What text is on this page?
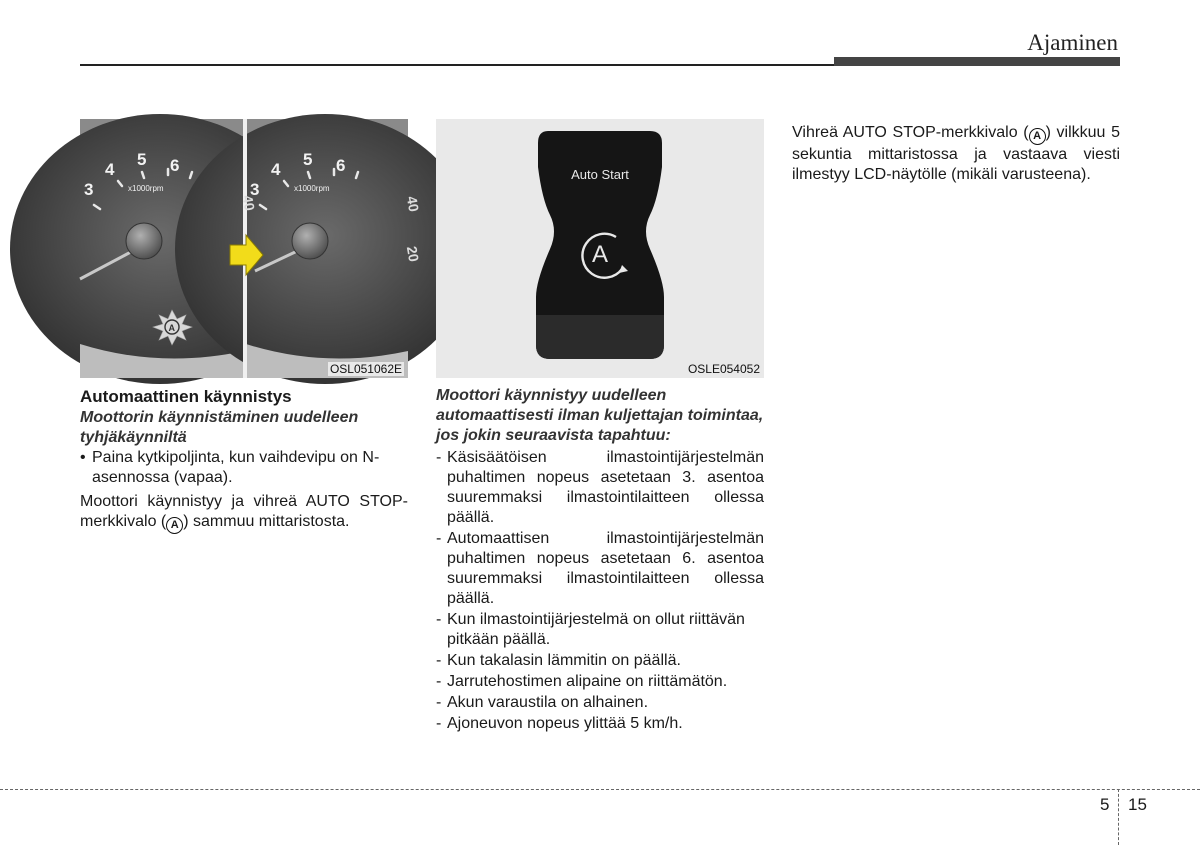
Ajaminen
3
4
5 6
x1000rpm	3
4
5 6
x1000rpm
40	40
20
A
OSL051062E
Auto Start
A
OSLE054052

Automaattinen käynnistys

Moottorin käynnistäminen uudelleen tyhjäkäynniltä

• Paina kytkipoljinta, kun vaihdevipu on N-asennossa (vapaa).

Moottori käynnistyy ja vihreä AUTO STOP-merkkivalo ( A ) sammuu mittaristosta.

Moottori käynnistyy uudelleen automaattisesti ilman kuljettajan toimintaa, jos jokin seuraavista tapahtuu:

- Käsisäätöisen ilmastointijärjestelmän puhaltimen nopeus asetetaan 3. asentoa suuremmaksi ilmastointilaitteen ollessa päällä.
- Automaattisen ilmastointijärjestelmän puhaltimen nopeus asetetaan 6. asentoa suuremmaksi ilmastointilaitteen ollessa päällä.
- Kun ilmastointijärjestelmä on ollut riittävän pitkään päällä.
- Kun takalasin lämmitin on päällä.
- Jarrutehostimen alipaine on riittämätön.
- Akun varaustila on alhainen.
- Ajoneuvon nopeus ylittää 5 km/h.

Vihreä AUTO STOP-merkkivalo ( A ) vilkkuu 5 sekuntia mittaristossa ja vastaava viesti ilmestyy LCD-näytölle (mikäli varusteena).

5 15
